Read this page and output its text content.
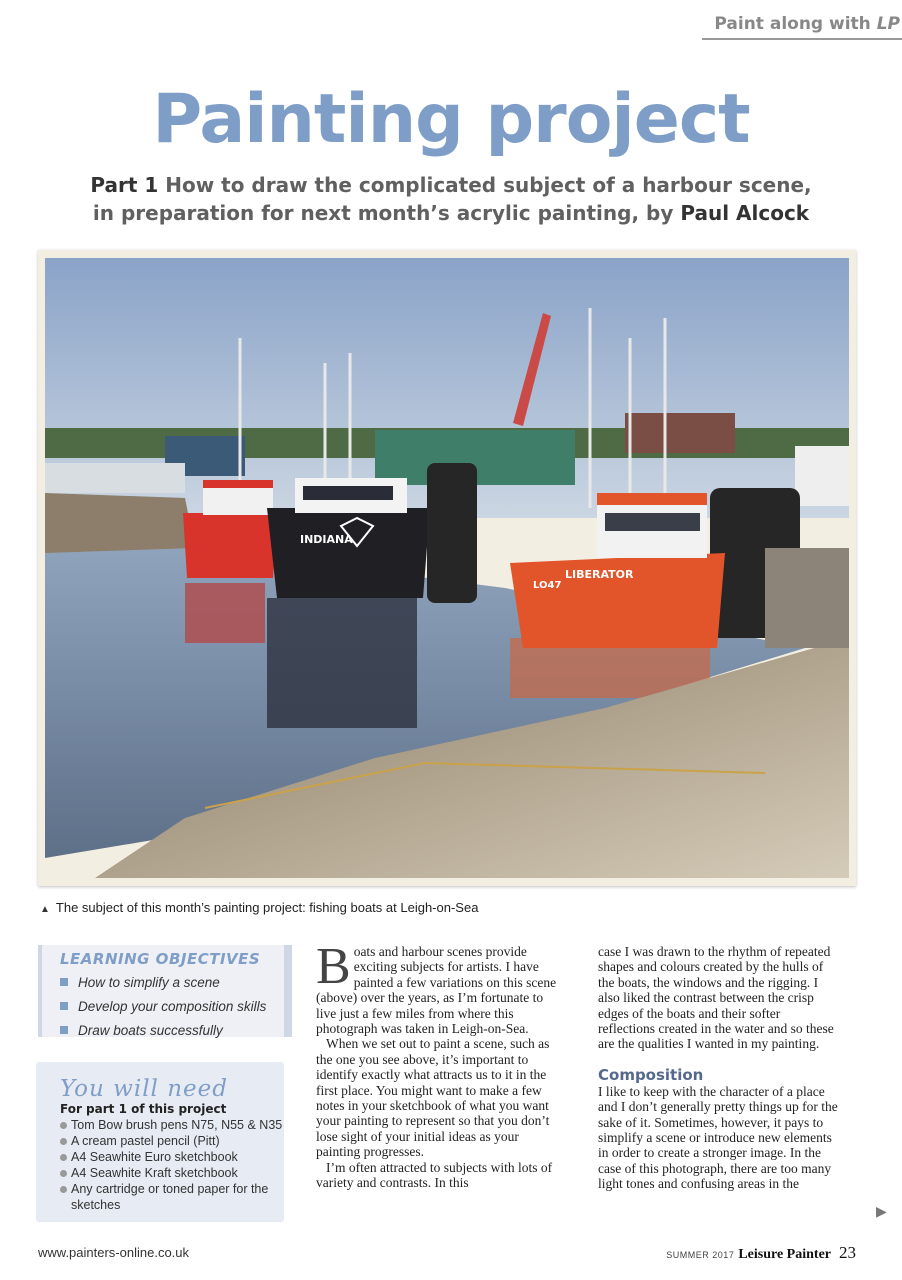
Paint along with LP
Painting project
Part 1 How to draw the complicated subject of a harbour scene,
in preparation for next month’s acrylic painting, by Paul Alcock
INDIANA
LIBERATOR
LO47
▲ The subject of this month’s painting project: fishing boats at Leigh-on-Sea
LEARNING OBJECTIVES
How to simplify a scene
Develop your composition skills
Draw boats successfully
You will need
For part 1 of this project
Tom Bow brush pens N75, N55 & N35
A cream pastel pencil (Pitt)
A4 Seawhite Euro sketchbook
A4 Seawhite Kraft sketchbook
Any cartridge or toned paper for the sketches

Boats and harbour scenes provide exciting subjects for artists. I have painted a few variations on this scene (above) over the years, as I’m fortunate to live just a few miles from where this photograph was taken in Leigh-on-Sea.

When we set out to paint a scene, such as the one you see above, it’s important to identify exactly what attracts us to it in the first place. You might want to make a few notes in your sketchbook of what you want your painting to represent so that you don’t lose sight of your initial ideas as your painting progresses.

I’m often attracted to subjects with lots of variety and contrasts. In this

case I was drawn to the rhythm of repeated shapes and colours created by the hulls of the boats, the windows and the rigging. I also liked the contrast between the crisp edges of the boats and their softer reflections created in the water and so these are the qualities I wanted in my painting.

Composition

I like to keep with the character of a place and I don’t generally pretty things up for the sake of it. Sometimes, however, it pays to simplify a scene or introduce new elements in order to create a stronger image. In the case of this photograph, there are too many light tones and confusing areas in the

▶
www.painters-online.co.uk	SUMMER 2017 Leisure Painter 23
